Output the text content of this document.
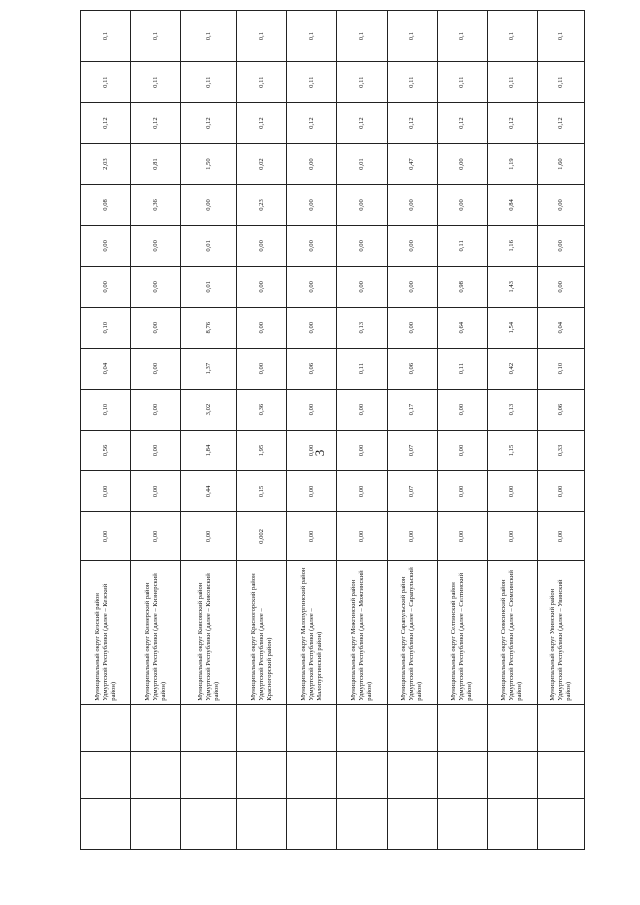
3
			Муниципальный округ Кезский район Удмуртской Республики (далее – Кезский район)	0,00	0,00	0,56	0,10	0,04	0,10	0,00	0,00	0,08	2,03	0,12	0,11	0,1
			Муниципальный округ Кизнерский район Удмуртской Республики (далее – Кизнерский район)	0,00	0,00	0,00	0,00	0,00	0,00	0,00	0,00	0,36	0,81	0,12	0,11	0,1
			Муниципальный округ Киясовский район Удмуртской Республики (далее – Киясовский район)	0,00	0,44	1,84	3,02	1,37	8,76	0,01	0,01	0,00	1,50	0,12	0,11	0,1
			Муниципальный округ Красногорский район Удмуртской Республики (далее – Красногорский район)	0,002	0,15	1,95	0,36	0,00	0,00	0,00	0,00	0,23	0,02	0,12	0,11	0,1
			Муниципальный округ Малопургинский район Удмуртской Республики (далее – Малопургинский район)	0,00	0,00	0,00	0,00	0,06	0,00	0,00	0,00	0,00	0,00	0,12	0,11	0,1
			Муниципальный округ Можгинский район Удмуртской Республики (далее – Можгинский район)	0,00	0,00	0,00	0,00	0,11	0,13	0,00	0,00	0,00	0,01	0,12	0,11	0,1
			Муниципальный округ Сарапульский район Удмуртской Республики (далее – Сарапульский район)	0,00	0,07	0,07	0,17	0,06	0,00	0,00	0,00	0,00	0,47	0,12	0,11	0,1
			Муниципальный округ Селтинский район Удмуртской Республики (далее – Селтинский район)	0,00	0,00	0,00	0,00	0,11	0,64	0,98	0,11	0,00	0,00	0,12	0,11	0,1
			Муниципальный округ Сюмсинский район Удмуртской Республики (далее – Сюмсинский район)	0,00	0,00	1,15	0,13	0,42	1,54	1,43	1,16	0,84	1,19	0,12	0,11	0,1
			Муниципальный округ Увинский район Удмуртской Республики (далее – Увинский район)	0,00	0,00	0,33	0,06	0,10	0,04	0,00	0,00	0,00	1,60	0,12	0,11	0,1
